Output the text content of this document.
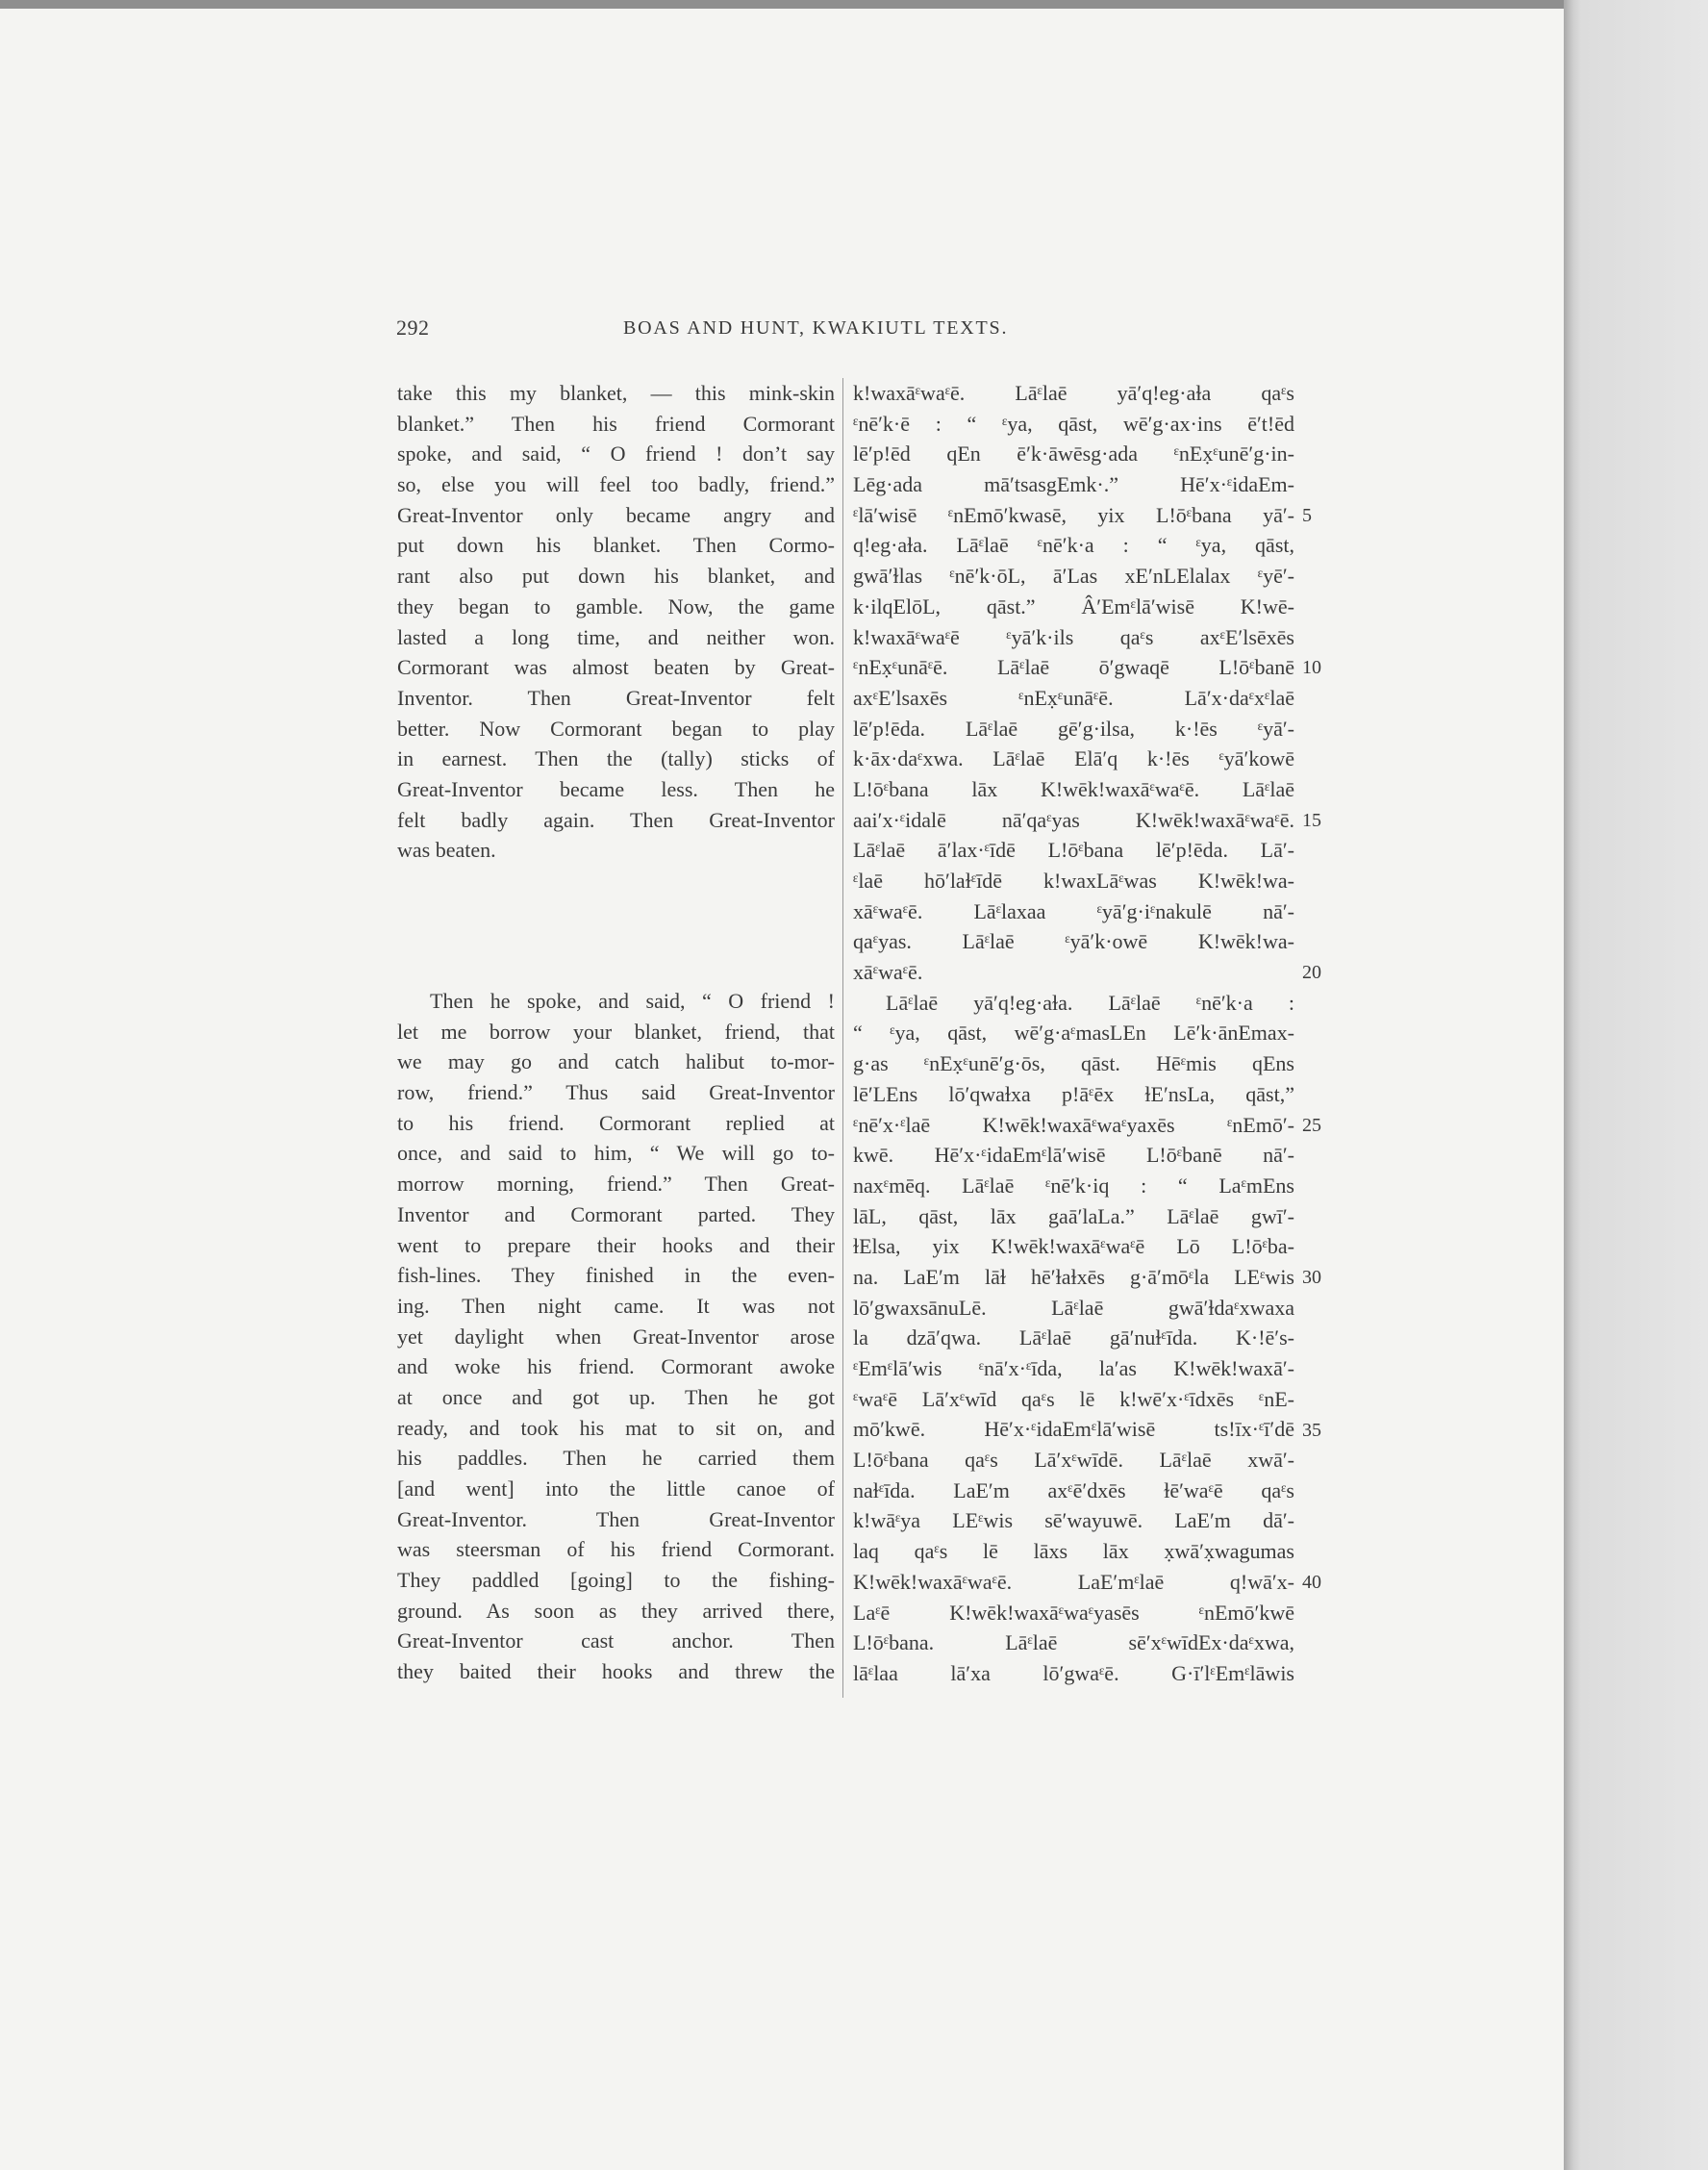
292	BOAS AND HUNT, KWAKIUTL TEXTS.
take this my blanket, — this mink-skin
blanket.” Then his friend Cormorant
spoke, and said, “ O friend ! don’t say
so, else you will feel too badly, friend.”
Great-Inventor only became angry and
put down his blanket. Then Cormo-
rant also put down his blanket, and
they began to gamble. Now, the game
lasted a long time, and neither won.
Cormorant was almost beaten by Great-
Inventor. Then Great-Inventor felt
better. Now Cormorant began to play
in earnest. Then the (tally) sticks of
Great-Inventor became less. Then he
felt badly again. Then Great-Inventor
was beaten.
Then he spoke, and said, “ O friend !
let me borrow your blanket, friend, that
we may go and catch halibut to-mor-
row, friend.” Thus said Great-Inventor
to his friend. Cormorant replied at
once, and said to him, “ We will go to-
morrow morning, friend.” Then Great-
Inventor and Cormorant parted. They
went to prepare their hooks and their
fish-lines. They finished in the even-
ing. Then night came. It was not
yet daylight when Great-Inventor arose
and woke his friend. Cormorant awoke
at once and got up. Then he got
ready, and took his mat to sit on, and
his paddles. Then he carried them
[and went] into the little canoe of
Great-Inventor. Then Great-Inventor
was steersman of his friend Cormorant.
They paddled [going] to the fishing-
ground. As soon as they arrived there,
Great-Inventor cast anchor. Then
they baited their hooks and threw the
k!waxāᵋwaᵋē. Lāᵋlaē yā′q!eg·aɫa qaᵋs
ᵋnē′k·ē : “ ᵋya, qāst, wē′g·ax·ins ē′t!ēd
lē′p!ēd qEn ē′k·āwēsg·ada ᵋnEx̣ᵋunē′g·in-
Lēg·ada mā′tsasgEmk·.” Hē′x·ᵋidaEm-
ᵋlā′wisē ᵋnEmō′kwasē, yix L!ōᵋbana yā′-
q!eg·aɫa. Lāᵋlaē ᵋnē′k·a : “ ᵋya, qāst,
gwā′ɫlas ᵋnē′k·ōL, ā′Las xE′nLElalax ᵋyē′-
k·ilqElōL, qāst.” Â′Emᵋlā′wisē K!wē-
k!waxāᵋwaᵋē ᵋyā′k·ils qaᵋs axᵋE′lsēxēs
ᵋnEx̣ᵋunāᵋē. Lāᵋlaē ō′gwaqē L!ōᵋbanē
axᵋE′lsaxēs ᵋnEx̣ᵋunāᵋē. Lā′x·daᵋxᵋlaē
lē′p!ēda. Lāᵋlaē gē′g·ilsa, k·!ēs ᵋyā′-
k·āx·daᵋxwa. Lāᵋlaē Elā′q k·!ēs ᵋyā′kowē
L!ōᵋbana lāx K!wēk!waxāᵋwaᵋē. Lāᵋlaē
aai′x·ᵋidalē nā′qaᵋyas K!wēk!waxāᵋwaᵋē.
Lāᵋlaē ā′lax·ᵋīdē L!ōᵋbana lē′p!ēda. Lā′-
ᵋlaē hō′laɫᵋīdē k!waxLāᵋwas K!wēk!wa-
xāᵋwaᵋē. Lāᵋlaxaa ᵋyā′g·iᵋnakulē nā′-
qaᵋyas. Lāᵋlaē ᵋyā′k·owē K!wēk!wa-
xāᵋwaᵋē.
Lāᵋlaē yā′q!eg·aɫa. Lāᵋlaē ᵋnē′k·a :
“ ᵋya, qāst, wē′g·aᵋmasLEn Lē′k·ānEmax-
g·as ᵋnEx̣ᵋunē′g·ōs, qāst. Hēᵋmis qEns
lē′LEns lō′qwaɫxa p!āᵋēx ɫE′nsLa, qāst,”
ᵋnē′x·ᵋlaē K!wēk!waxāᵋwaᵋyaxēs ᵋnEmō′-
kwē. Hē′x·ᵋidaEmᵋlā′wisē L!ōᵋbanē nā′-
naxᵋmēq. Lāᵋlaē ᵋnē′k·iq : “ LaᵋmEns
lāL, qāst, lāx gaā′laLa.” Lāᵋlaē gwī′-
ɫElsa, yix K!wēk!waxāᵋwaᵋē Lō L!ōᵋba-
na. LaE′m lāɫ hē′ɫaɫxēs g·ā′mōᵋla LEᵋwis
lō′gwaxsānuLē. Lāᵋlaē gwā′ɫdaᵋxwaxa
la dzā′qwa. Lāᵋlaē gā′nuɫᵋīda. K·!ē′s-
ᵋEmᵋlā′wis ᵋnā′x·ᵋīda, la′as K!wēk!waxā′-
ᵋwaᵋē Lā′xᵋwīd qaᵋs lē k!wē′x·ᵋīdxēs ᵋnE-
mō′kwē. Hē′x·ᵋidaEmᵋlā′wisē ts!īx·ᵋī′dē
L!ōᵋbana qaᵋs Lā′xᵋwīdē. Lāᵋlaē xwā′-
naɫᵋīda. LaE′m axᵋē′dxēs ɫē′waᵋē qaᵋs
k!wāᵋya LEᵋwis sē′wayuwē. LaE′m dā′-
laq qaᵋs lē lāxs lāx x̣wā′x̣wagumas
K!wēk!waxāᵋwaᵋē. LaE′mᵋlaē q!wā′x-
Laᵋē K!wēk!waxāᵋwaᵋyasēs ᵋnEmō′kwē
L!ōᵋbana. Lāᵋlaē sē′xᵋwīdEx·daᵋxwa,
lāᵋlaa lā′xa lō′gwaᵋē. G·ī′lᵋEmᵋlāwis
5
10
15
20
25
30
35
40
